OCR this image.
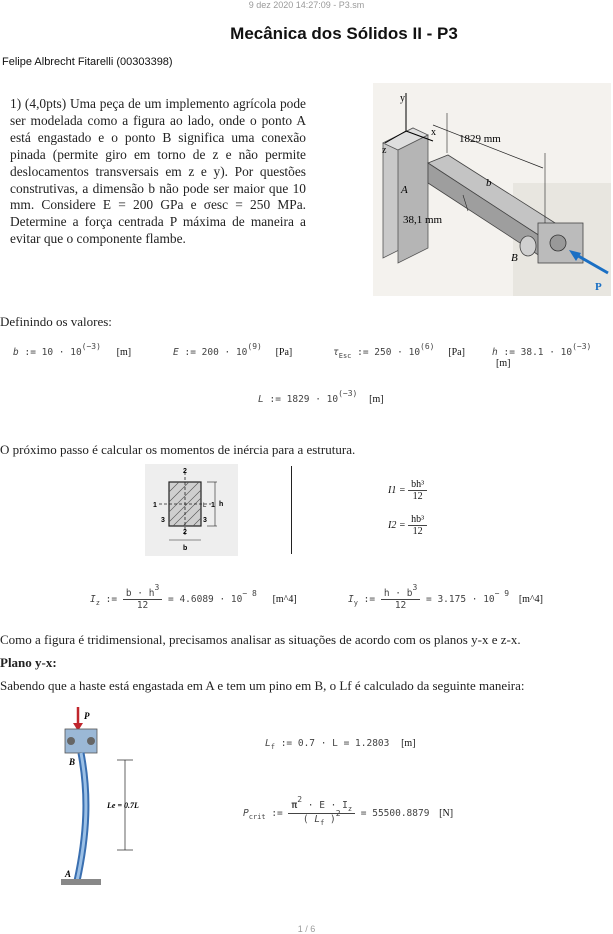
9 dez 2020 14:27:09 - P3.sm
Mecânica dos Sólidos II - P3
Felipe Albrecht Fitarelli (00303398)
1) (4,0pts) Uma peça de um implemento agrícola pode ser modelada como a figura ao lado, onde o ponto A está engastado e o ponto B significa uma conexão pinada (permite giro em torno de z e não permite deslocamentos transversais em z e y). Por questões construtivas, a dimensão b não pode ser maior que 10 mm. Considere E = 200 GPa e σesc = 250 MPa. Determine a força centrada P máxima de maneira a evitar que o componente flambe.
y
z
x
P
A
B
b
1829 mm
38,1 mm
Definindo os valores:
b := $10 \cdot 10^{(-3)}$ [m]	E := $200 \cdot 10^{(9)}$ [Pa]	$\tau_{Esc}$ := $250 \cdot 10^{(6)}$ [Pa]	h := $38.1 \cdot 10^{(-3)}$ [m]
L := $1829 \cdot 10^{(-3)}$ [m]
O próximo passo é calcular os momentos de inércia para a estrutura.
2
2
1	1
3	3
h
b
L
$I1 = \frac{\text{bh³}}{12}$
$I2 = \frac{\text{hb³}}{12}$
$I_z$ := $\frac{b \cdot h^3}{12} = 4.6089 \cdot 10^{- 8}$ [m^4]	$I_y$ := $\frac{h \cdot b^3}{12} = 3.175 \cdot 10^{- 9}$ [m^4]
Como a figura é tridimensional, precisamos analisar as situações de acordo com os planos y-x e z-x.
Plano y-x:
Sabendo que a haste está engastada em A e tem um pino em B, o Lf é calculado da seguinte maneira:
P
B
A
Le = 0.7L
$L_f$ := 0.7 · L = 1.2803 [m]
$P_{crit}$ := $\frac{\pi^2 \cdot E \cdot I_z}{( L_f )^2} = 55500.8879$ [N]
1 / 6
